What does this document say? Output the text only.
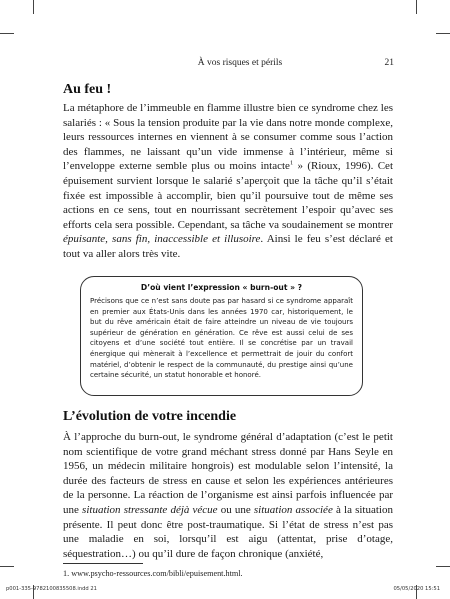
À vos risques et périls	21
Au feu !

La métaphore de l’immeuble en flamme illustre bien ce syndrome chez les salariés : « Sous la tension produite par la vie dans notre monde complexe, leurs ressources internes en viennent à se consumer comme sous l’action des flammes, ne laissant qu’un vide immense à l’intérieur, même si l’enveloppe externe semble plus ou moins intacte$^1$ » (Rioux, 1996). Cet épuisement survient lorsque le salarié s’aperçoit que la tâche qu’il s’était fixée est impossible à accomplir, bien qu’il poursuive tout de même ses actions en ce sens, tout en nourrissant secrètement l’espoir qu’avec ses efforts cela sera possible. Cependant, sa tâche va soudainement se montrer épuisante, sans fin, inaccessible et illusoire. Ainsi le feu s’est déclaré et tout va aller alors très vite.

D’où vient l’expression « burn-out » ?

Précisons que ce n’est sans doute pas par hasard si ce syndrome apparaît en premier aux États-Unis dans les années 1970 car, historiquement, le but du rêve américain était de faire atteindre un niveau de vie toujours supérieur de génération en génération. Ce rêve est aussi celui de ses citoyens et d’une société tout entière. Il se concrétise par un travail énergique qui mènerait à l’excellence et permettrait de jouir du confort matériel, d’obtenir le respect de la communauté, du prestige ainsi qu’une certaine sécurité, un statut honorable et honoré.

L’évolution de votre incendie

À l’approche du burn-out, le syndrome général d’adaptation (c’est le petit nom scientifique de votre grand méchant stress donné par Hans Seyle en 1956, un médecin militaire hongrois) est modulable selon l’intensité, la durée des facteurs de stress en cause et selon les expériences antérieures de la personne. La réaction de l’organisme est ainsi parfois influencée par une situation stressante déjà vécue ou une situation associée à la situation présente. Il peut donc être post-traumatique. Si l’état de stress n’est pas une maladie en soi, lorsqu’il est aigu (attentat, prise d’otage, séquestration…) ou qu’il dure de façon chronique (anxiété,

1. www.psycho-ressources.com/bibli/epuisement.html.

p001-335-9782100835508.indd 21	05/05/2020 15:51
